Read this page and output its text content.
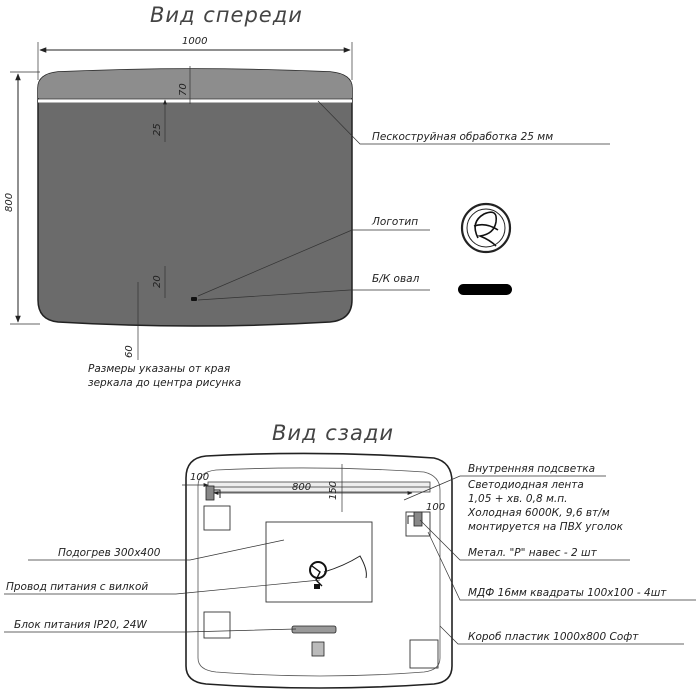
Вид спереди
1000
800
70
25
20
60
Пескоструйная обработка 25 мм
Логотип
Б/К овал
Размеры указаны от края
зеркала до центра рисунка
Вид сзади
100
800 150
100
Внутренняя подсветка
Светодиодная лента
1,05 + хв. 0,8 м.п.
Холодная 6000К, 9,6 вт/м
монтируется на ПВХ уголок
Метал. "Р" навес - 2 шт
МДФ 16мм квадраты 100х100 - 4шт
Короб пластик 1000х800 Софт
Подогрев 300х400
Провод питания с вилкой
Блок питания IP20, 24W
